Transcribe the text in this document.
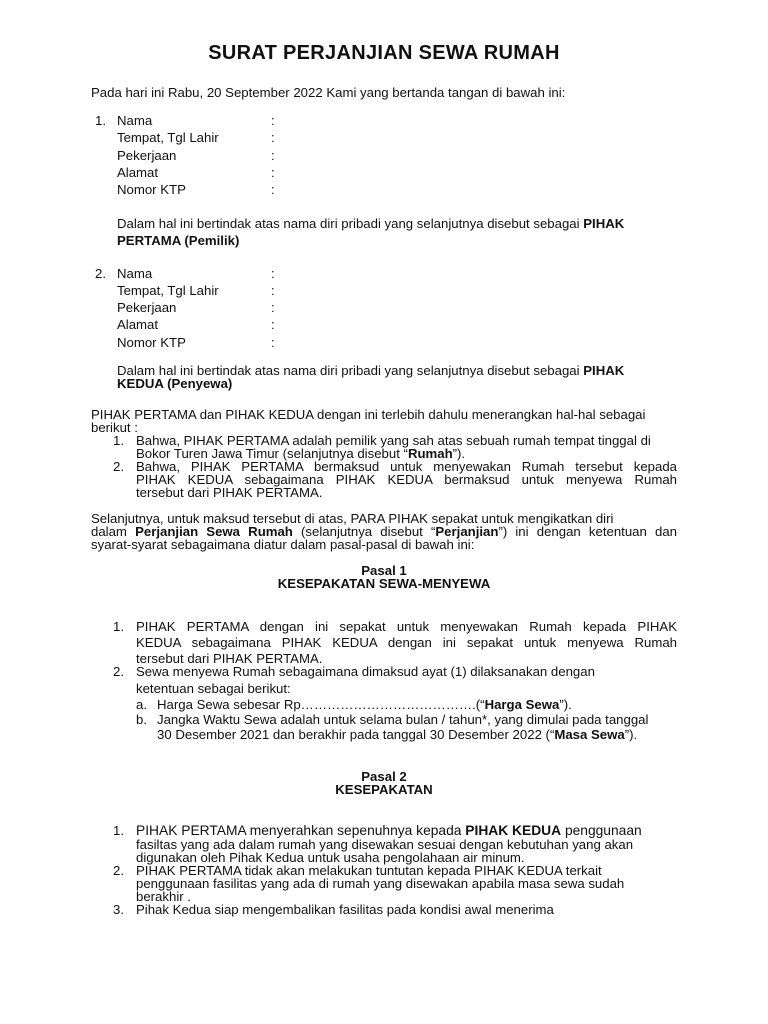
SURAT PERJANJIAN SEWA RUMAH
Pada hari ini Rabu, 20 September 2022 Kami yang bertanda tangan di bawah ini:
1. Nama
Tempat, Tgl Lahir
Pekerjaan
Alamat
Nomor KTP
:
:
:
:
:
Dalam hal ini bertindak atas nama diri pribadi yang selanjutnya disebut sebagai PIHAK
PERTAMA (Pemilik)
2. Nama
Tempat, Tgl Lahir
Pekerjaan
Alamat
Nomor KTP
:
:
:
:
:
Dalam hal ini bertindak atas nama diri pribadi yang selanjutnya disebut sebagai PIHAK
KEDUA (Penyewa)
PIHAK PERTAMA dan PIHAK KEDUA dengan ini terlebih dahulu menerangkan hal-hal sebagai
berikut :
1. Bahwa, PIHAK PERTAMA adalah pemilik yang sah atas sebuah rumah tempat tinggal di
Bokor Turen Jawa Timur (selanjutnya disebut “Rumah”).
2. Bahwa, PIHAK PERTAMA bermaksud untuk menyewakan Rumah tersebut kepada
PIHAK KEDUA sebagaimana PIHAK KEDUA bermaksud untuk menyewa Rumah
tersebut dari PIHAK PERTAMA.
Selanjutnya, untuk maksud tersebut di atas, PARA PIHAK sepakat untuk mengikatkan diri
dalam Perjanjian Sewa Rumah (selanjutnya disebut “Perjanjian”) ini dengan ketentuan dan
syarat-syarat sebagaimana diatur dalam pasal-pasal di bawah ini:
Pasal 1
KESEPAKATAN SEWA-MENYEWA
1. PIHAK PERTAMA dengan ini sepakat untuk menyewakan Rumah kepada PIHAK
KEDUA sebagaimana PIHAK KEDUA dengan ini sepakat untuk menyewa Rumah
tersebut dari PIHAK PERTAMA.
2. Sewa menyewa Rumah sebagaimana dimaksud ayat (1) dilaksanakan dengan
ketentuan sebagai berikut:
a. Harga Sewa sebesar Rp………………………………….(“Harga Sewa”).
b. Jangka Waktu Sewa adalah untuk selama bulan / tahun*, yang dimulai pada tanggal
30 Desember 2021 dan berakhir pada tanggal 30 Desember 2022 (“Masa Sewa”).
Pasal 2
KESEPAKATAN
1. PIHAK PERTAMA menyerahkan sepenuhnya kepada PIHAK KEDUA penggunaan
fasiltas yang ada dalam rumah yang disewakan sesuai dengan kebutuhan yang akan
digunakan oleh Pihak Kedua untuk usaha pengolahaan air minum.
2. PIHAK PERTAMA tidak akan melakukan tuntutan kepada PIHAK KEDUA terkait
penggunaan fasilitas yang ada di rumah yang disewakan apabila masa sewa sudah
berakhir .
3. Pihak Kedua siap mengembalikan fasilitas pada kondisi awal menerima
